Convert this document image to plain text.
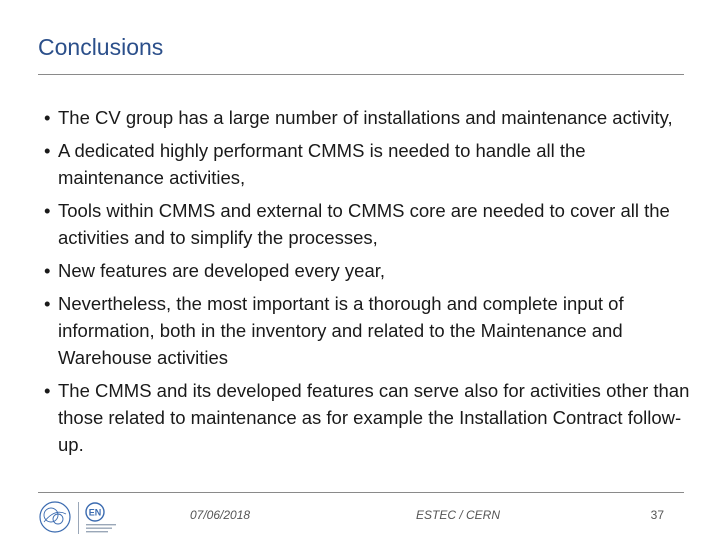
Conclusions
• The CV group has a large number of installations and maintenance activity,
• A dedicated highly performant CMMS is needed to handle all the maintenance activities,
• Tools within CMMS and external to CMMS core are needed to cover all the activities and to simplify the processes,
• New features are developed every year,
• Nevertheless, the most important is a thorough and complete input of information, both in the inventory and related to the Maintenance and Warehouse activities
• The CMMS and its developed features can serve also for activities other than those related to maintenance as for example the Installation Contract follow-up.
EN	07/06/2018	ESTEC / CERN	37
